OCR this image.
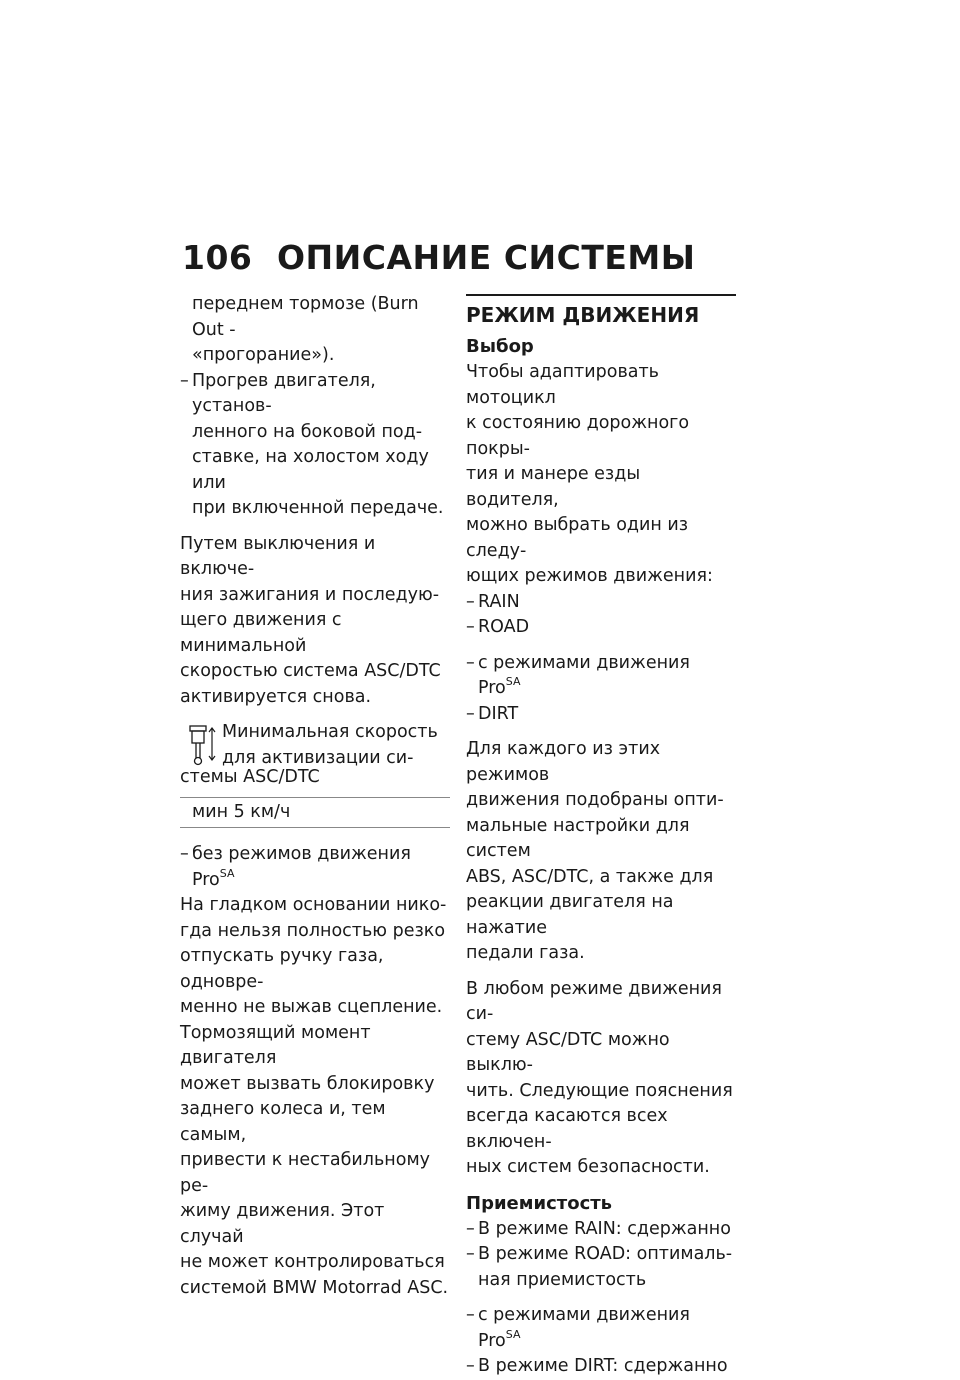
106 ОПИСАНИЕ СИСТЕМЫ
переднем тормозе (Burn Out -
«прогорание»).
– Прогрев двигателя, установ-
ленного на боковой под-
ставке, на холостом ходу или
при включенной передаче.
Путем выключения и включе-
ния зажигания и последую-
щего движения с минимальной
скоростью система ASC/DTC
активируется снова.
Минимальная скорость
для активизации си-
стемы ASC/DTC
мин 5 км/ч
– без режимов движения Pro$^{SA}$
На гладком основании нико-
гда нельзя полностью резко
отпускать ручку газа, одновре-
менно не выжав сцепление.
Тормозящий момент двигателя
может вызвать блокировку
заднего колеса и, тем самым,
привести к нестабильному ре-
жиму движения. Этот случай
не может контролироваться
системой BMW Motorrad ASC.
РЕЖИМ ДВИЖЕНИЯ
Выбор
Чтобы адаптировать мотоцикл
к состоянию дорожного покры-
тия и манере езды водителя,
можно выбрать один из следу-
ющих режимов движения:
– RAIN
– ROAD
– с режимами движения Pro$^{SA}$
– DIRT
Для каждого из этих режимов
движения подобраны опти-
мальные настройки для систем
ABS, ASC/DTC, а также для
реакции двигателя на нажатие
педали газа.
В любом режиме движения си-
стему ASC/DTC можно выклю-
чить. Следующие пояснения
всегда касаются всех включен-
ных систем безопасности.
Приемистость
– В режиме RAIN: сдержанно
– В режиме ROAD: оптималь-
ная приемистость
– с режимами движения Pro$^{SA}$
– В режиме DIRT: сдержанно
